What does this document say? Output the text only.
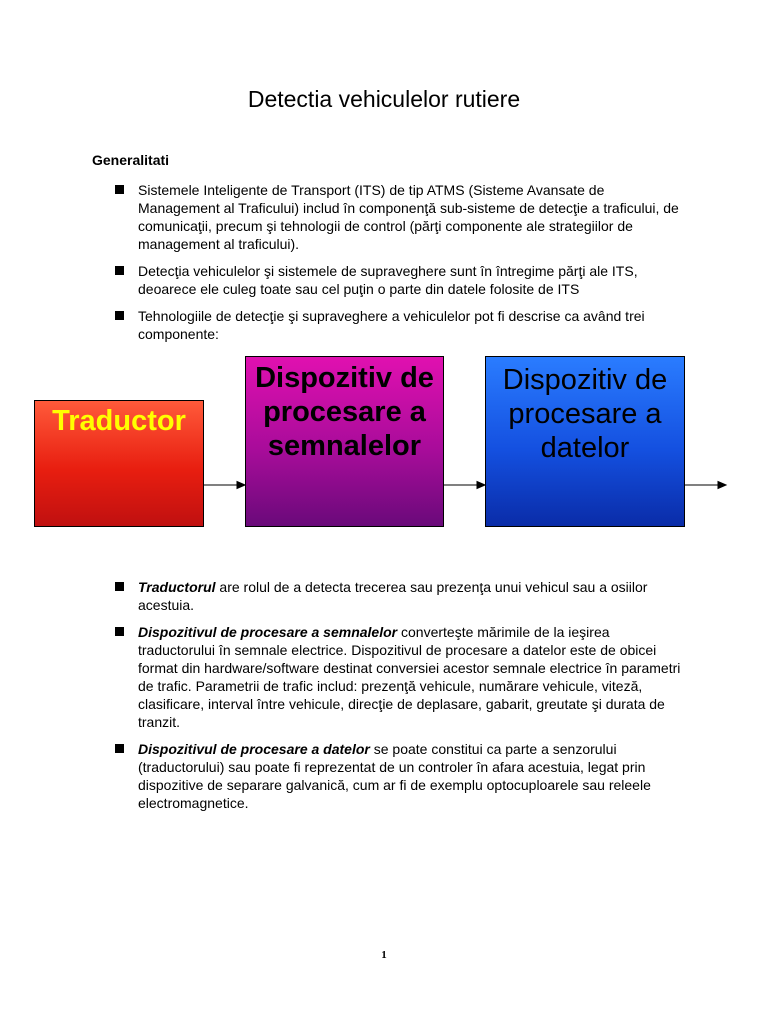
Detectia vehiculelor rutiere
Generalitati
Sistemele Inteligente de Transport (ITS) de tip ATMS (Sisteme Avansate de Management al Traficului) includ în componenţă sub-sisteme de detecţie a traficului, de comunicaţii, precum şi tehnologii de control (părţi componente ale strategiilor de management al traficului).
Detecţia vehiculelor şi sistemele de supraveghere sunt în întregime părţi ale ITS, deoarece ele culeg toate sau cel puţin o parte din datele folosite de ITS
Tehnologiile de detecţie şi supraveghere a vehiculelor pot fi descrise ca având trei componente:
Traductor
Dispozitiv de procesare a semnalelor
Dispozitiv de procesare a datelor
Traductorul are rolul de a detecta trecerea sau prezenţa unui vehicul sau a osiilor acestuia.
Dispozitivul de procesare a semnalelor converteşte mărimile de la ieşirea traductorului în semnale electrice. Dispozitivul de procesare a datelor este de obicei format din hardware/software destinat conversiei acestor semnale electrice în parametri de trafic. Parametrii de trafic includ: prezenţă vehicule, numărare vehicule, viteză, clasificare, interval între vehicule, direcţie de deplasare, gabarit, greutate şi durata de tranzit.
Dispozitivul de procesare a datelor se poate constitui ca parte a senzorului (traductorului) sau poate fi reprezentat de un controler în afara acestuia, legat prin dispozitive de separare galvanică, cum ar fi de exemplu optocuploarele sau releele electromagnetice.
1
